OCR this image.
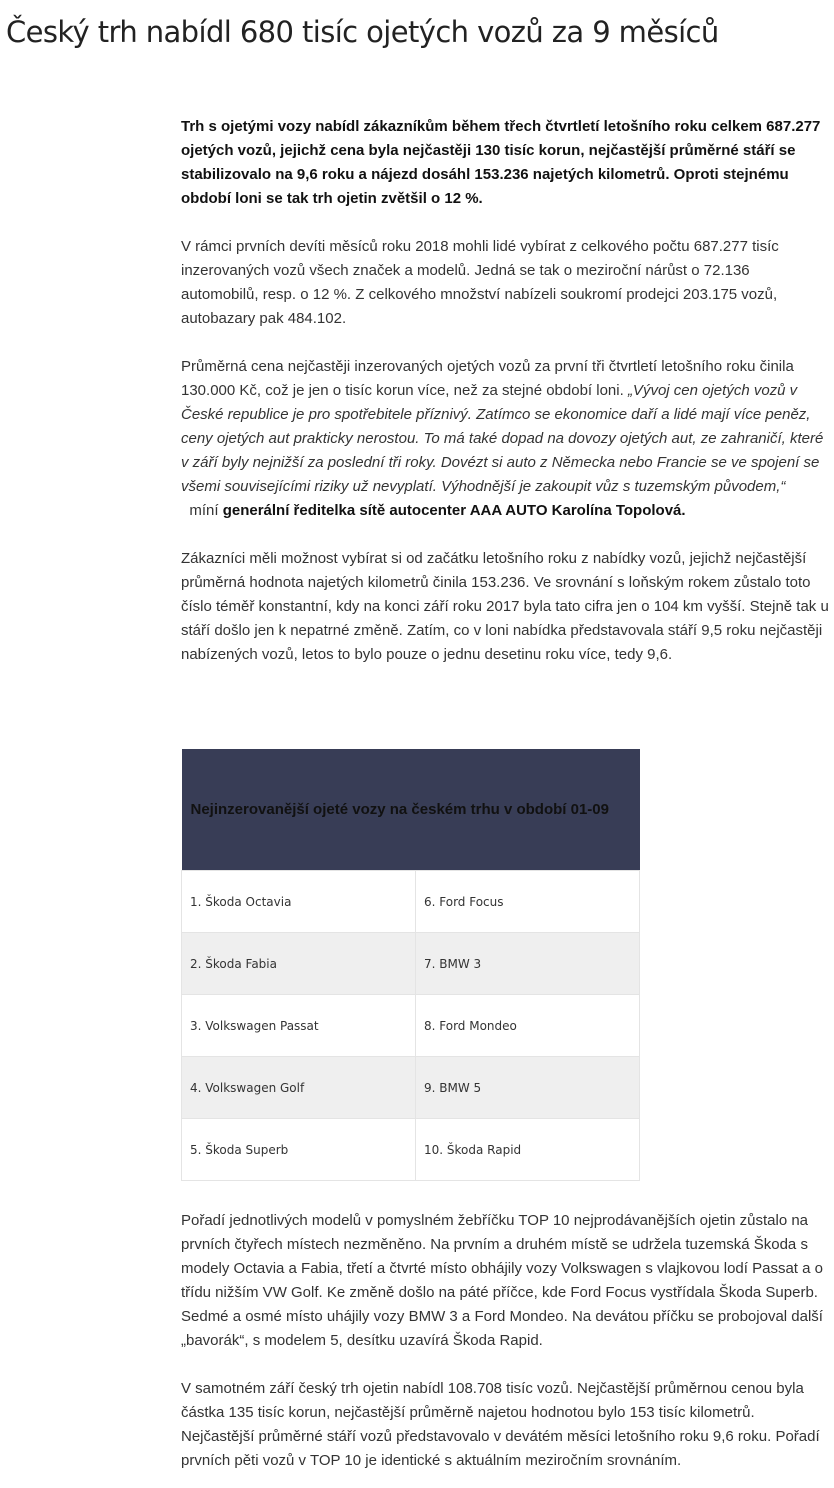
Český trh nabídl 680 tisíc ojetých vozů za 9 měsíců

Trh s ojetými vozy nabídl zákazníkům během třech čtvrtletí letošního roku celkem 687.277 ojetých vozů, jejichž cena byla nejčastěji 130 tisíc korun, nejčastější průměrné stáří se stabilizovalo na 9,6 roku a nájezd dosáhl 153.236 najetých kilometrů. Oproti stejnému období loni se tak trh ojetin zvětšil o 12 %.

V rámci prvních devíti měsíců roku 2018 mohli lidé vybírat z celkového počtu 687.277 tisíc inzerovaných vozů všech značek a modelů. Jedná se tak o meziroční nárůst o 72.136 automobilů, resp. o 12 %. Z celkového množství nabízeli soukromí prodejci 203.175 vozů, autobazary pak 484.102.

Průměrná cena nejčastěji inzerovaných ojetých vozů za první tři čtvrtletí letošního roku činila 130.000 Kč, což je jen o tisíc korun více, než za stejné období loni. „Vývoj cen ojetých vozů v České republice je pro spotřebitele příznivý. Zatímco se ekonomice daří a lidé mají více peněz, ceny ojetých aut prakticky nerostou. To má také dopad na dovozy ojetých aut, ze zahraničí, které v září byly nejnižší za poslední tři roky. Dovézt si auto z Německa nebo Francie se ve spojení se všemi souvisejícími riziky už nevyplatí. Výhodnější je zakoupit vůz s tuzemským původem,“  míní generální ředitelka sítě autocenter AAA AUTO Karolína Topolová.

Zákazníci měli možnost vybírat si od začátku letošního roku z nabídky vozů, jejichž nejčastější průměrná hodnota najetých kilometrů činila 153.236. Ve srovnání s loňským rokem zůstalo toto číslo téměř konstantní, kdy na konci září roku 2017 byla tato cifra jen o 104 km vyšší. Stejně tak u stáří došlo jen k nepatrné změně. Zatím, co v loni nabídka představovala stáří 9,5 roku nejčastěji nabízených vozů, letos to bylo pouze o jednu desetinu roku více, tedy 9,6.

Nejinzerovanější ojeté vozy na českém trhu v období 01-09	
1. Škoda Octavia	6. Ford Focus
2. Škoda Fabia	7. BMW 3
3. Volkswagen Passat	8. Ford Mondeo
4. Volkswagen Golf	9. BMW 5
5. Škoda Superb	10. Škoda Rapid

Pořadí jednotlivých modelů v pomyslném žebříčku TOP 10 nejprodávanějších ojetin zůstalo na prvních čtyřech místech nezměněno. Na prvním a druhém místě se udržela tuzemská Škoda s modely Octavia a Fabia, třetí a čtvrté místo obhájily vozy Volkswagen s vlajkovou lodí Passat a o třídu nižším VW Golf. Ke změně došlo na páté příčce, kde Ford Focus vystřídala Škoda Superb. Sedmé a osmé místo uhájily vozy BMW 3 a Ford Mondeo. Na devátou příčku se probojoval další „bavorák“, s modelem 5, desítku uzavírá Škoda Rapid.

V samotném září český trh ojetin nabídl 108.708 tisíc vozů. Nejčastější průměrnou cenou byla částka 135 tisíc korun, nejčastější průměrně najetou hodnotou bylo 153 tisíc kilometrů. Nejčastější průměrné stáří vozů představovalo v devátém měsíci letošního roku 9,6 roku. Pořadí prvních pěti vozů v TOP 10 je identické s aktuálním meziročním srovnáním.
